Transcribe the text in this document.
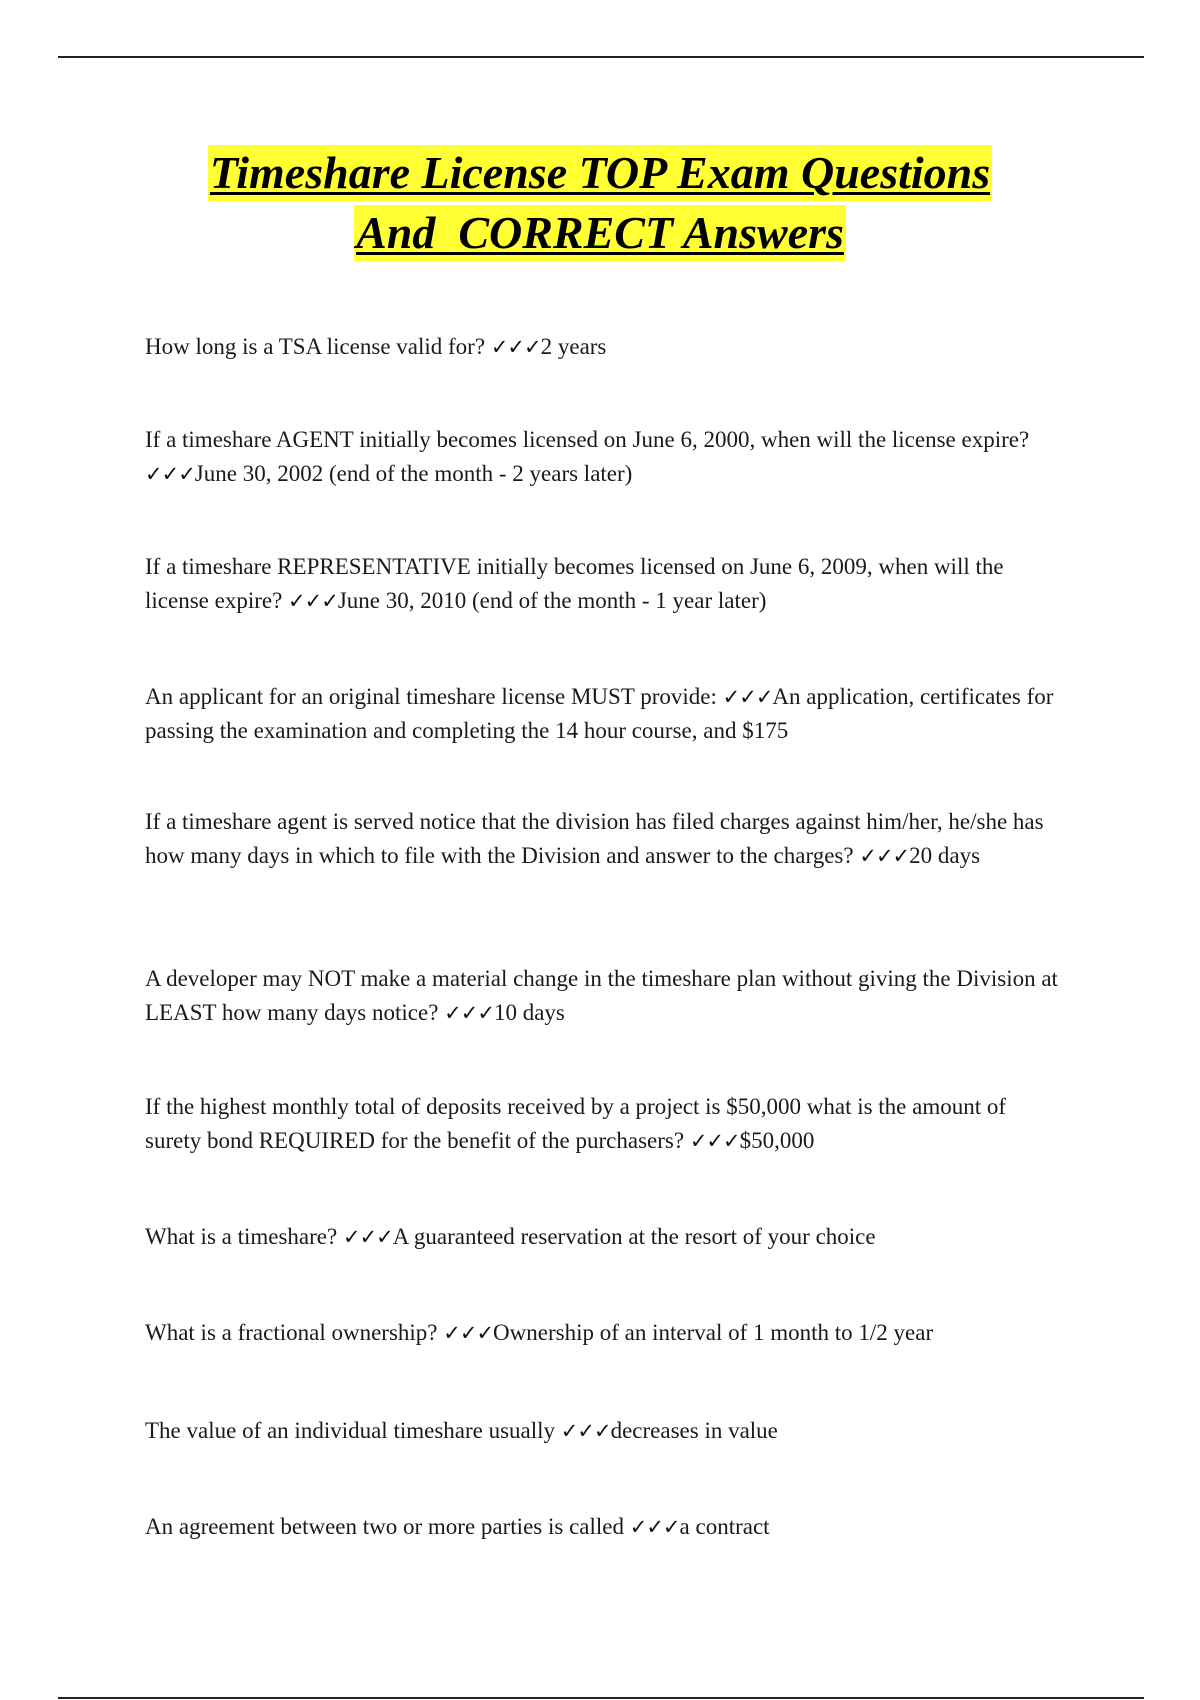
Timeshare License TOP Exam Questions
And  CORRECT Answers

How long is a TSA license valid for? ✓✓✓2 years

If a timeshare AGENT initially becomes licensed on June 6, 2000, when will the license expire? ✓✓✓June 30, 2002 (end of the month - 2 years later)

If a timeshare REPRESENTATIVE initially becomes licensed on June 6, 2009, when will the license expire? ✓✓✓June 30, 2010 (end of the month - 1 year later)

An applicant for an original timeshare license MUST provide: ✓✓✓An application, certificates for passing the examination and completing the 14 hour course, and $175

If a timeshare agent is served notice that the division has filed charges against him/her, he/she has how many days in which to file with the Division and answer to the charges? ✓✓✓20 days

A developer may NOT make a material change in the timeshare plan without giving the Division at LEAST how many days notice? ✓✓✓10 days

If the highest monthly total of deposits received by a project is $50,000 what is the amount of surety bond REQUIRED for the benefit of the purchasers? ✓✓✓$50,000

What is a timeshare? ✓✓✓A guaranteed reservation at the resort of your choice

What is a fractional ownership? ✓✓✓Ownership of an interval of 1 month to 1/2 year

The value of an individual timeshare usually ✓✓✓decreases in value

An agreement between two or more parties is called ✓✓✓a contract
